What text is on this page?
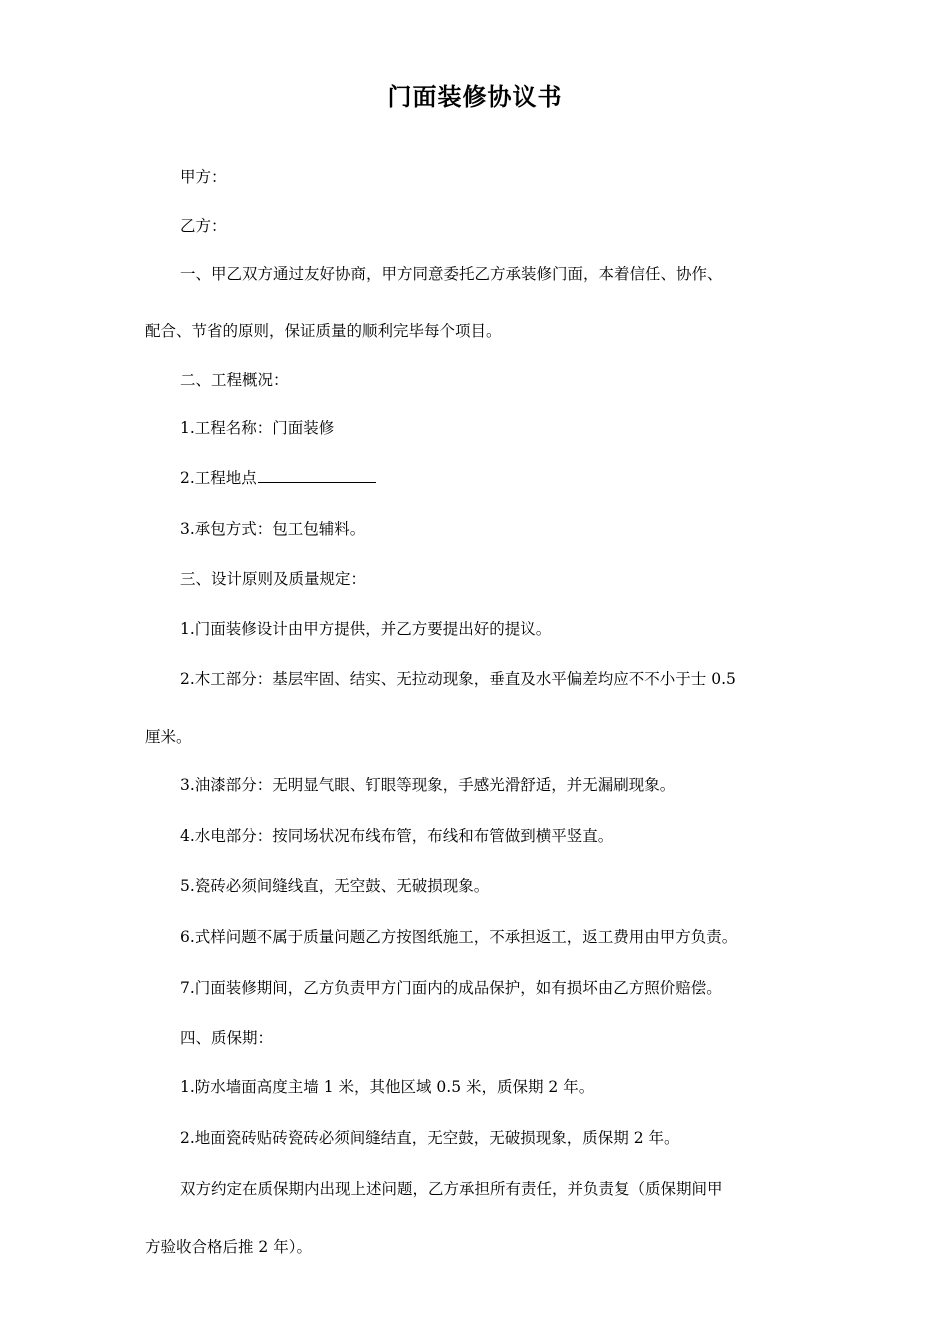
门面装修协议书
甲方：
乙方：
一、甲乙双方通过友好协商，甲方同意委托乙方承装修门面，本着信任、协作、
配合、节省的原则，保证质量的顺利完毕每个项目。
二、工程概况：
1.工程名称：门面装修
2.工程地点
3.承包方式：包工包辅料。
三、设计原则及质量规定：
1.门面装修设计由甲方提供，并乙方要提出好的提议。
2.木工部分：基层牢固、结实、无拉动现象，垂直及水平偏差均应不不小于士 0.5
厘米。
3.油漆部分：无明显气眼、钉眼等现象，手感光滑舒适，并无漏刷现象。
4.水电部分：按同场状况布线布管，布线和布管做到横平竖直。
5.瓷砖必须间缝线直，无空鼓、无破损现象。
6.式样问题不属于质量问题乙方按图纸施工，不承担返工，返工费用由甲方负责。
7.门面装修期间，乙方负责甲方门面内的成品保护，如有损坏由乙方照价赔偿。
四、质保期：
1.防水墙面高度主墙 1 米，其他区域 0.5 米，质保期 2 年。
2.地面瓷砖贴砖瓷砖必须间缝结直，无空鼓，无破损现象，质保期 2 年。
双方约定在质保期内出现上述问题，乙方承担所有责任，并负责复（质保期间甲
方验收合格后推 2 年）。
